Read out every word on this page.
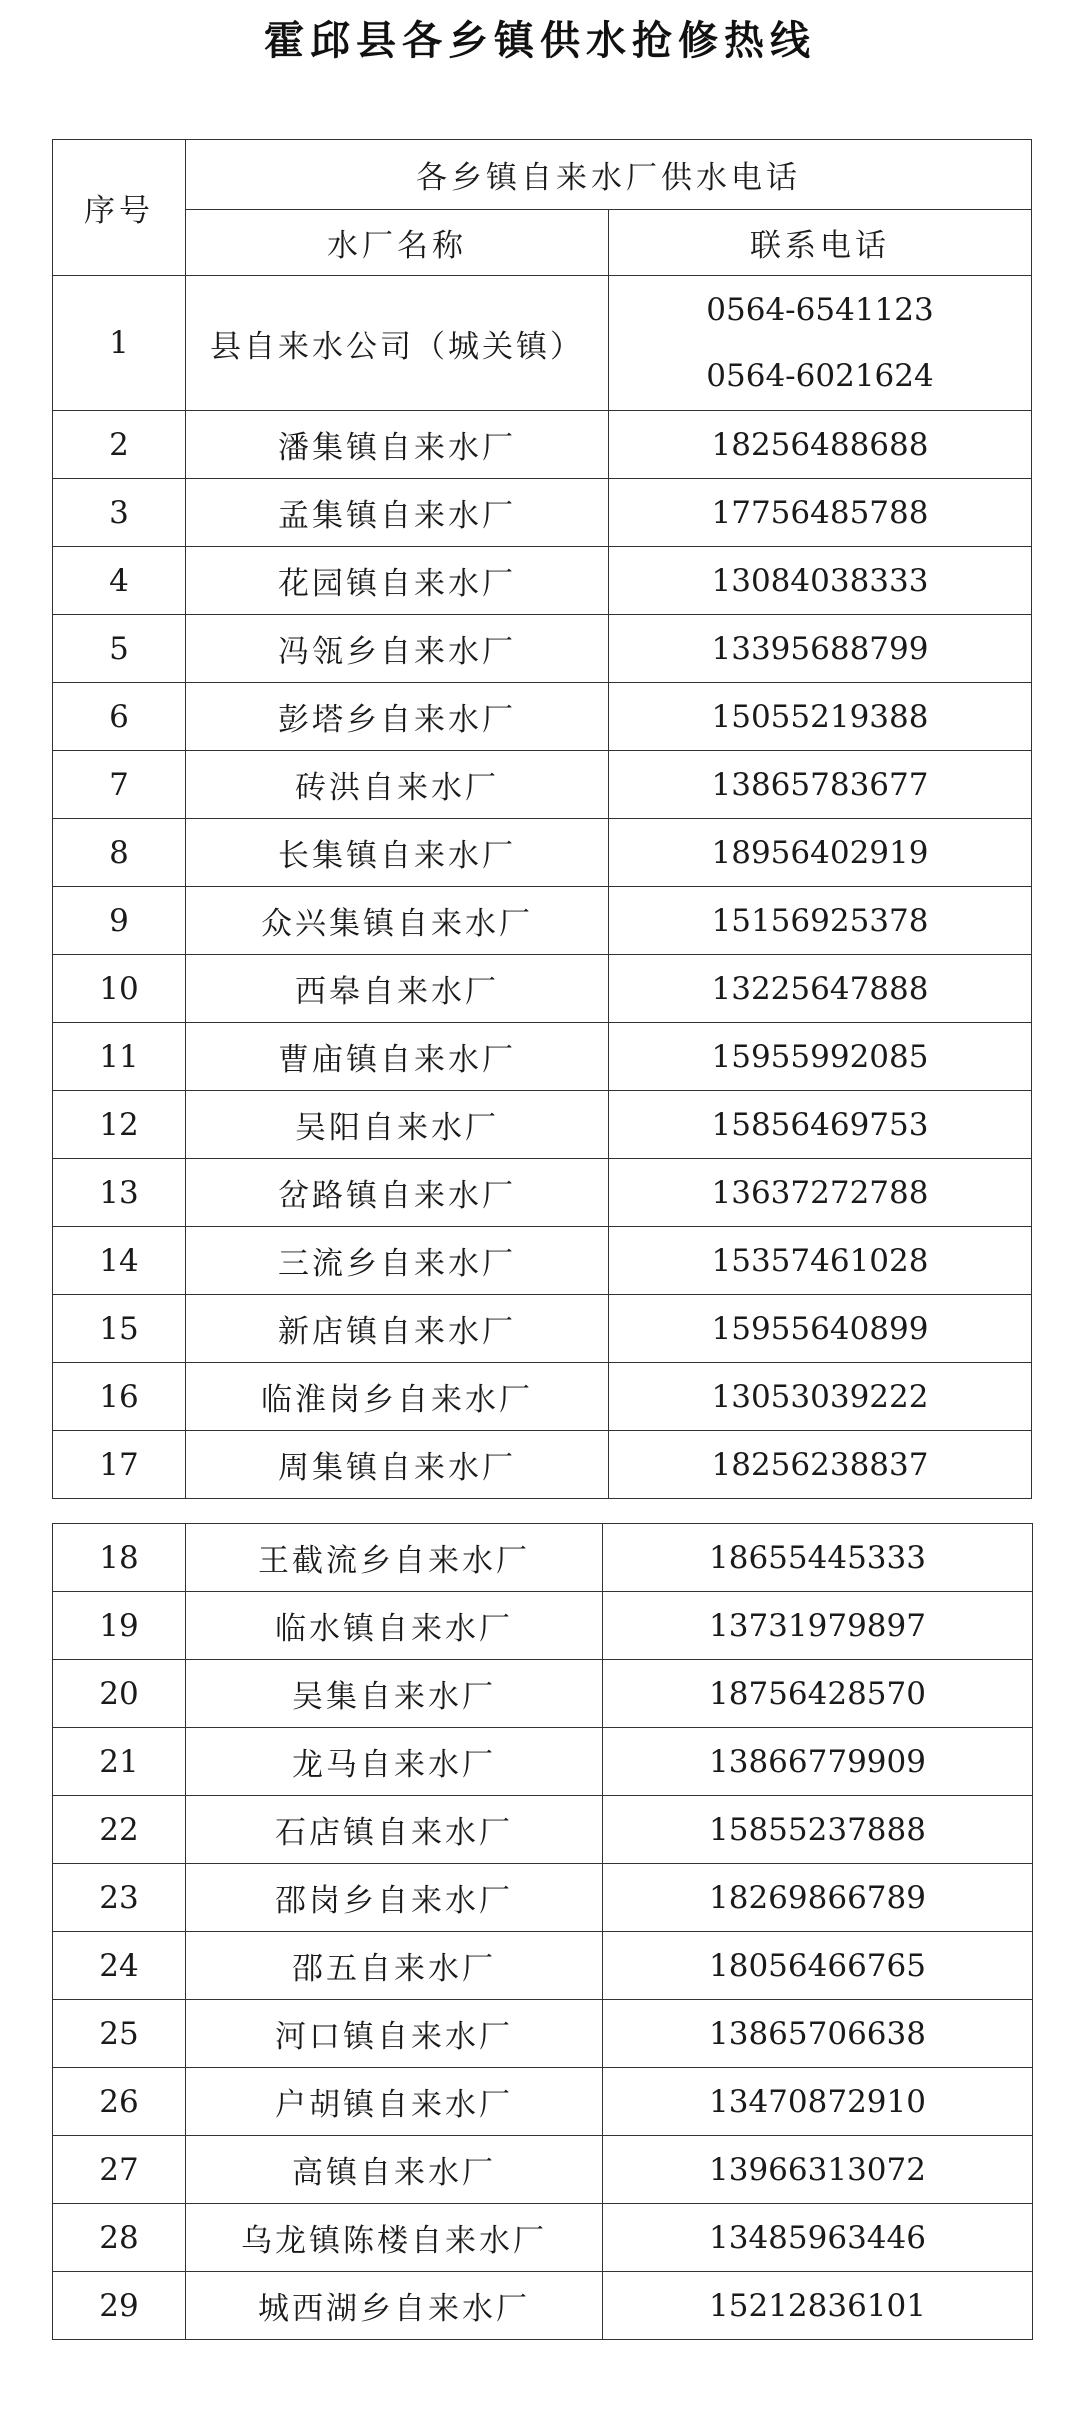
霍邱县各乡镇供水抢修热线
序号	各乡镇自来水厂供水电话	
	水厂名称	联系电话
1	县自来水公司（城关镇）	0564-6541123
0564-6021624

2	潘集镇自来水厂	18256488688

3	孟集镇自来水厂	17756485788

4	花园镇自来水厂	13084038333

5	冯瓴乡自来水厂	13395688799

6	彭塔乡自来水厂	15055219388

7	砖洪自来水厂	13865783677

8	长集镇自来水厂	18956402919

9	众兴集镇自来水厂	15156925378

10	西皋自来水厂	13225647888

11	曹庙镇自来水厂	15955992085

12	吴阳自来水厂	15856469753

13	岔路镇自来水厂	13637272788

14	三流乡自来水厂	15357461028

15	新店镇自来水厂	15955640899

16	临淮岗乡自来水厂	13053039222

17	周集镇自来水厂	18256238837
18	王截流乡自来水厂	18655445333

19	临水镇自来水厂	13731979897

20	吴集自来水厂	18756428570

21	龙马自来水厂	13866779909

22	石店镇自来水厂	15855237888

23	邵岗乡自来水厂	18269866789

24	邵五自来水厂	18056466765

25	河口镇自来水厂	13865706638

26	户胡镇自来水厂	13470872910

27	高镇自来水厂	13966313072

28	乌龙镇陈楼自来水厂	13485963446

29	城西湖乡自来水厂	15212836101
